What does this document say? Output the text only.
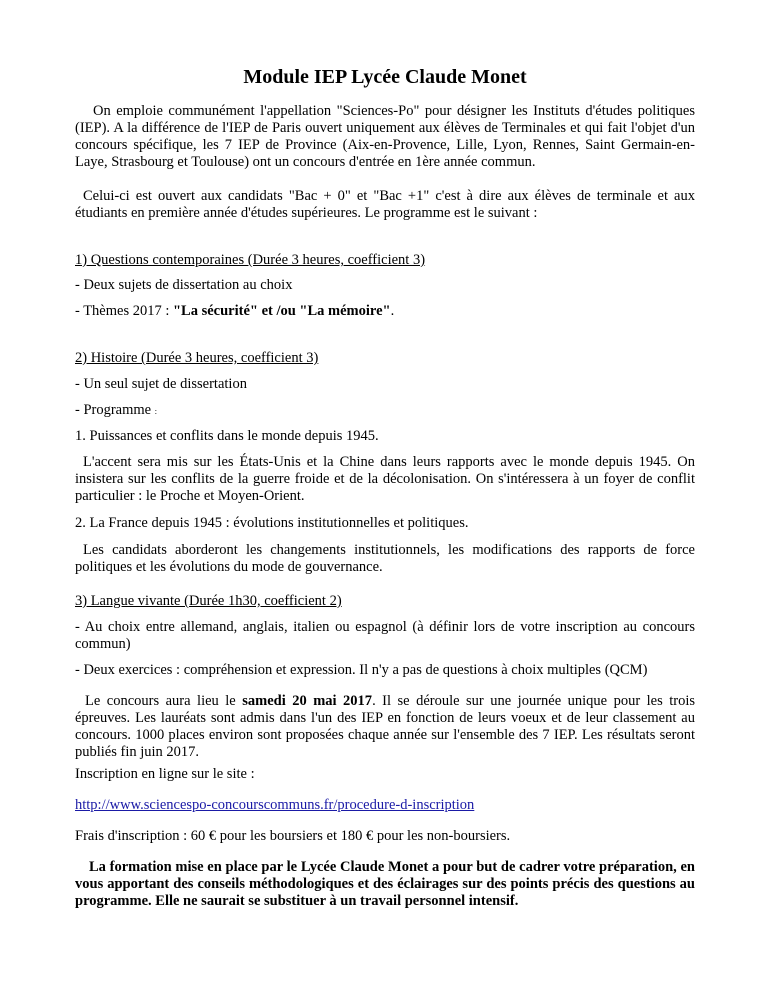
Module IEP Lycée Claude Monet

On emploie communément l'appellation "Sciences-Po" pour désigner les Instituts d'études politiques (IEP). A la différence de l'IEP de Paris ouvert uniquement aux élèves de Terminales et qui fait l'objet d'un concours spécifique, les 7 IEP de Province (Aix-en-Provence, Lille, Lyon, Rennes, Saint Germain-en-Laye, Strasbourg et Toulouse) ont un concours d'entrée en 1ère année commun.

Celui-ci est ouvert aux candidats "Bac + 0" et "Bac +1" c'est à dire aux élèves de terminale et aux étudiants en première année d'études supérieures. Le programme est le suivant :

1) Questions contemporaines (Durée 3 heures, coefficient 3)

- Deux sujets de dissertation au choix

- Thèmes 2017 : "La sécurité" et /ou "La mémoire".

2) Histoire (Durée 3 heures, coefficient 3)

- Un seul sujet de dissertation

- Programme :

1. Puissances et conflits dans le monde depuis 1945.

L'accent sera mis sur les États-Unis et la Chine dans leurs rapports avec le monde depuis 1945. On insistera sur les conflits de la guerre froide et de la décolonisation. On s'intéressera à un foyer de conflit particulier : le Proche et Moyen-Orient.

2. La France depuis 1945 : évolutions institutionnelles et politiques.

Les candidats aborderont les changements institutionnels, les modifications des rapports de force politiques et les évolutions du mode de gouvernance.

3) Langue vivante (Durée 1h30, coefficient 2)

- Au choix entre allemand, anglais, italien ou espagnol (à définir lors de votre inscription au concours commun)

- Deux exercices : compréhension et expression. Il n'y a pas de questions à choix multiples (QCM)

Le concours aura lieu le samedi 20 mai 2017. Il se déroule sur une journée unique pour les trois épreuves. Les lauréats sont admis dans l'un des IEP en fonction de leurs voeux et de leur classement au concours. 1000 places environ sont proposées chaque année sur l'ensemble des 7 IEP. Les résultats seront publiés fin juin 2017.

Inscription en ligne sur le site :

http://www.sciencespo-concourscommuns.fr/procedure-d-inscription

Frais d'inscription : 60 € pour les boursiers et 180 € pour les non-boursiers.

La formation mise en place par le Lycée Claude Monet a pour but de cadrer votre préparation, en vous apportant des conseils méthodologiques et des éclairages sur des points précis des questions au programme. Elle ne saurait se substituer à un travail personnel intensif.
